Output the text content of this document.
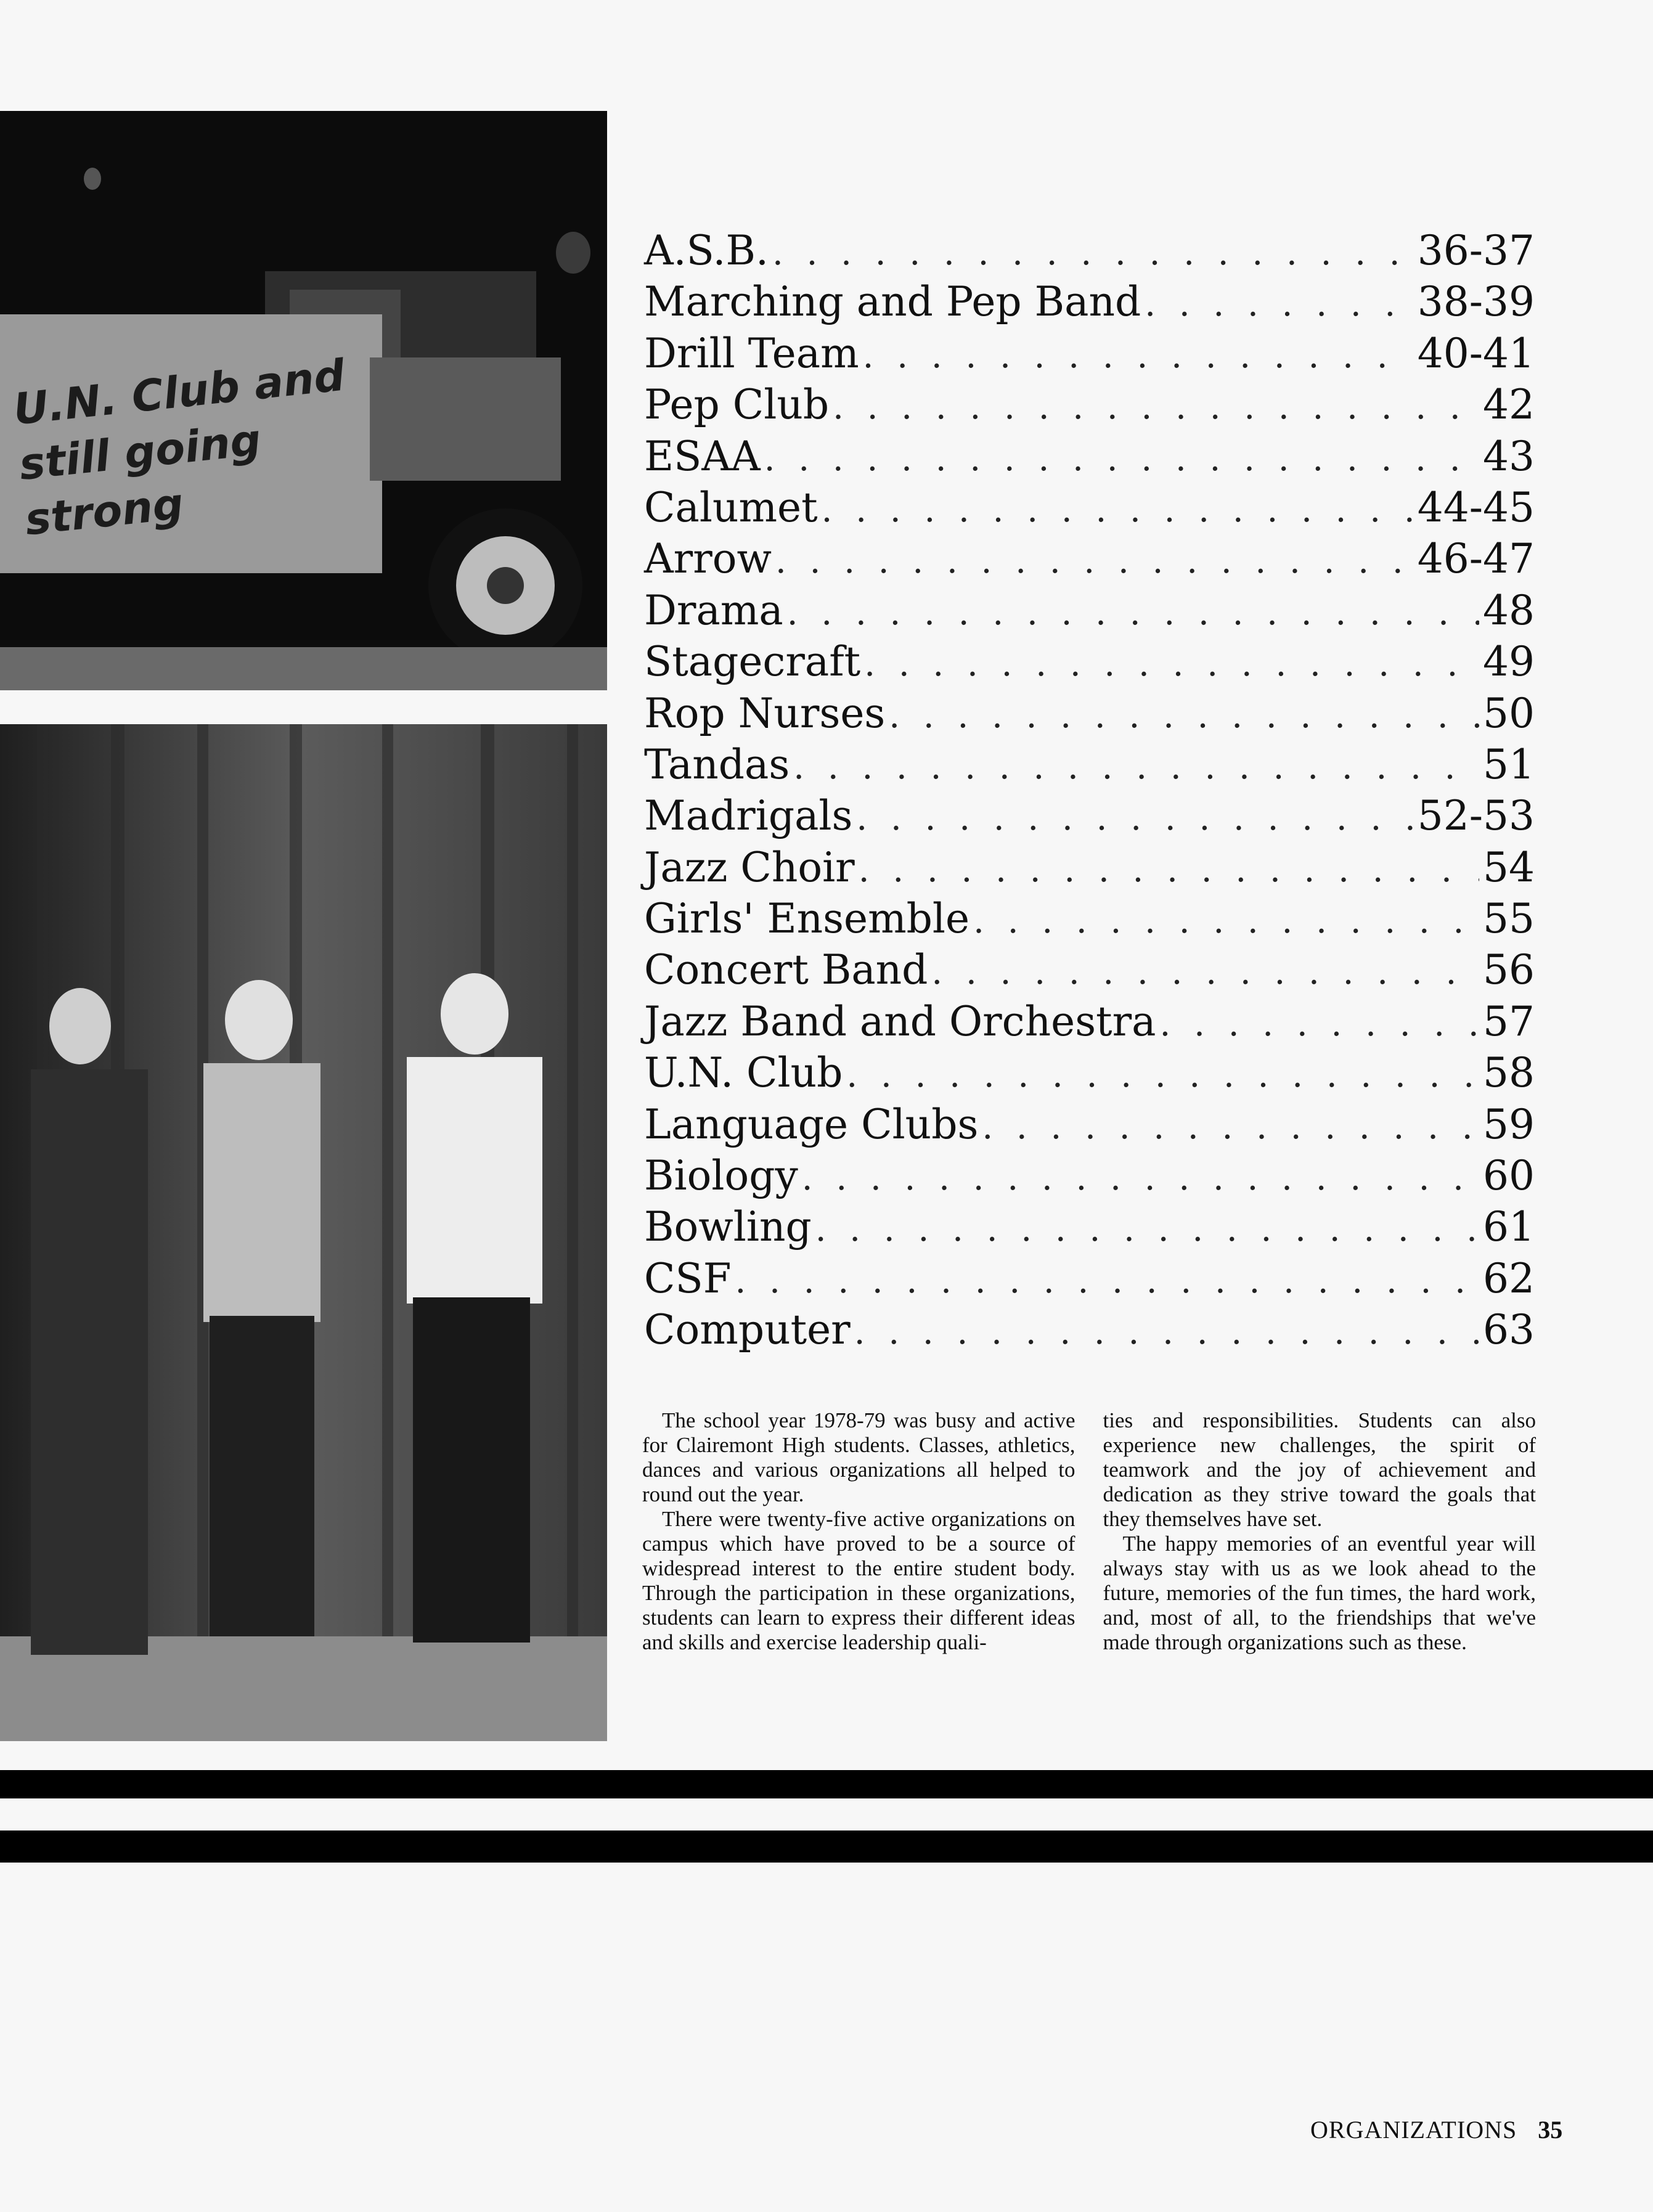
U.N. Club and still going strong
A.S.B. . . .	36-37
Marching and Pep Band . . .	38-39
Drill Team . . .	40-41
Pep Club . . .	42
ESAA . . .	43
Calumet . . .	44-45
Arrow . . .	46-47
Drama . . .	48
Stagecraft . . .	49
Rop Nurses . . .	50
Tandas . . .	51
Madrigals . . .	52-53
Jazz Choir . . .	54
Girls' Ensemble . . .	55
Concert Band . . .	56
Jazz Band and Orchestra . . .	57
U.N. Club . . .	58
Language Clubs . . .	59
Biology . . .	60
Bowling . . .	61
CSF . . .	62
Computer . . .	63

The school year 1978-79 was busy and active for Clairemont High students. Classes, athletics, dances and various organizations all helped to round out the year.

There were twenty-five active organizations on campus which have proved to be a source of widespread interest to the entire student body. Through the participation in these organizations, students can learn to express their different ideas and skills and exercise leadership quali-

ties and responsibilities. Students can also experience new challenges, the spirit of teamwork and the joy of achievement and dedication as they strive toward the goals that they themselves have set.

The happy memories of an eventful year will always stay with us as we look ahead to the future, memories of the fun times, the hard work, and, most of all, to the friendships that we've made through organizations such as these.

ORGANIZATIONS 35
